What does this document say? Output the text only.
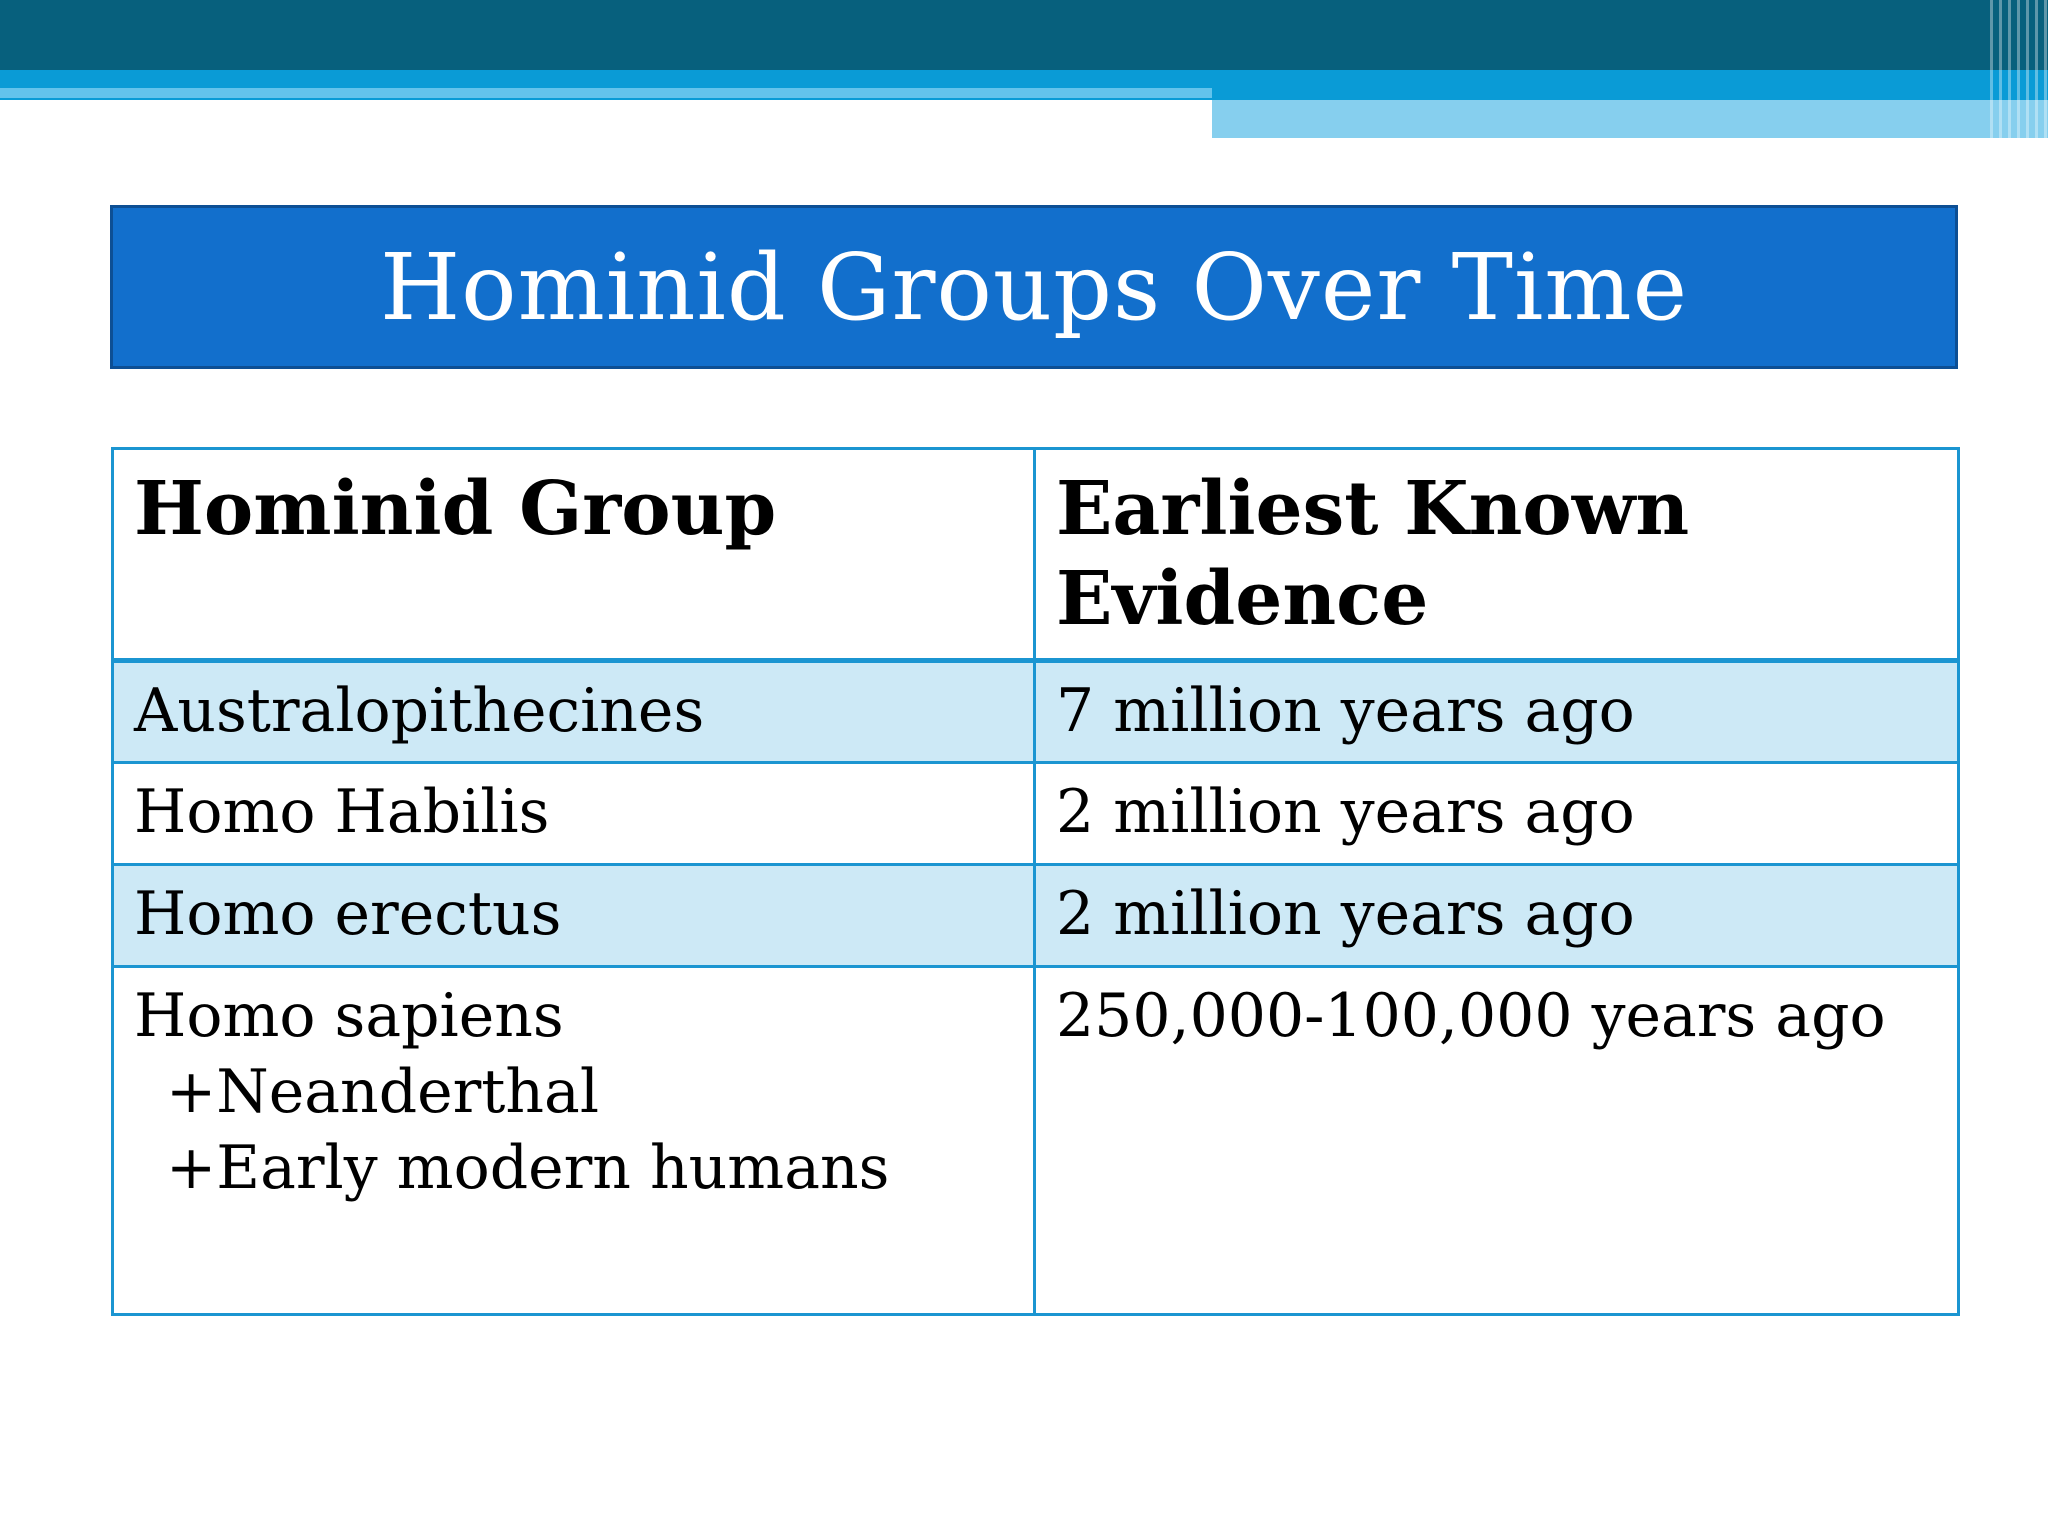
Hominid Groups Over Time
Hominid Group	Earliest Known Evidence
Australopithecines	7 million years ago
Homo Habilis	2 million years ago
Homo erectus	2 million years ago

Homo sapiens
+Neanderthal
+Early modern humans	250,000-100,000 years ago
